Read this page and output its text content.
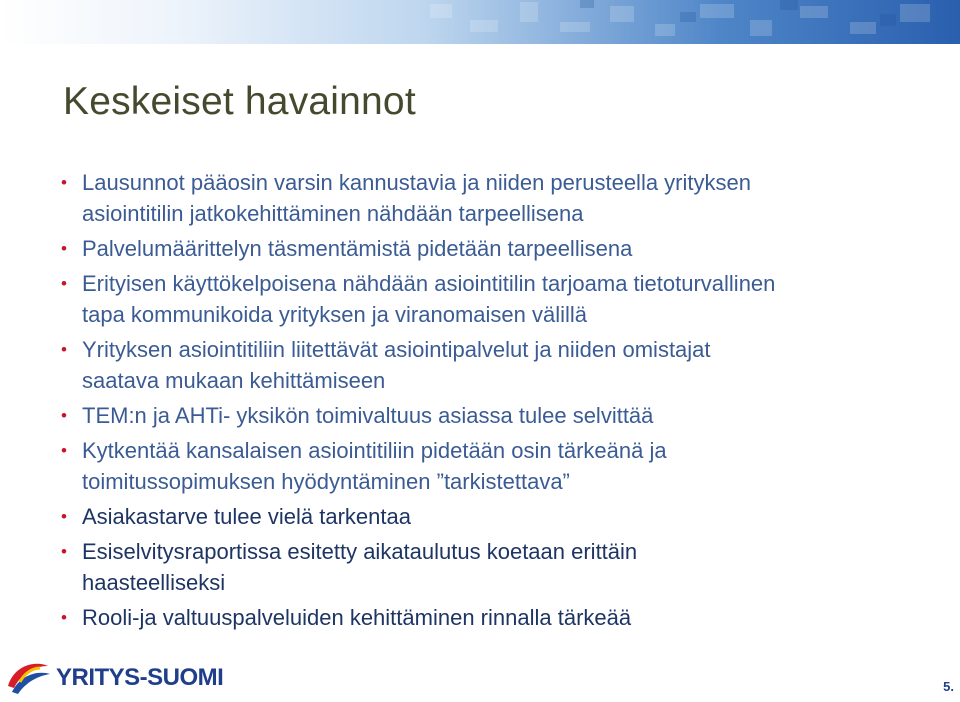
Keskeiset havainnot
• Lausunnot pääosin varsin kannustavia ja niiden perusteella yrityksen
asiointitilin jatkokehittäminen nähdään tarpeellisena
• Palvelumäärittelyn täsmentämistä pidetään tarpeellisena
• Erityisen käyttökelpoisena nähdään asiointitilin tarjoama tietoturvallinen
tapa kommunikoida yrityksen ja viranomaisen välillä
• Yrityksen asiointitiliin liitettävät asiointipalvelut ja niiden omistajat
saatava mukaan kehittämiseen
• TEM:n ja AHTi- yksikön toimivaltuus asiassa tulee selvittää
• Kytkentää kansalaisen asiointitiliin pidetään osin tärkeänä ja
toimitussopimuksen hyödyntäminen ”tarkistettava”
• Asiakastarve tulee vielä tarkentaa
• Esiselvitysraportissa esitetty aikataulutus koetaan erittäin
haasteelliseksi
• Rooli-ja valtuuspalveluiden kehittäminen rinnalla tärkeää
YRITYS-SUOMI	5.
